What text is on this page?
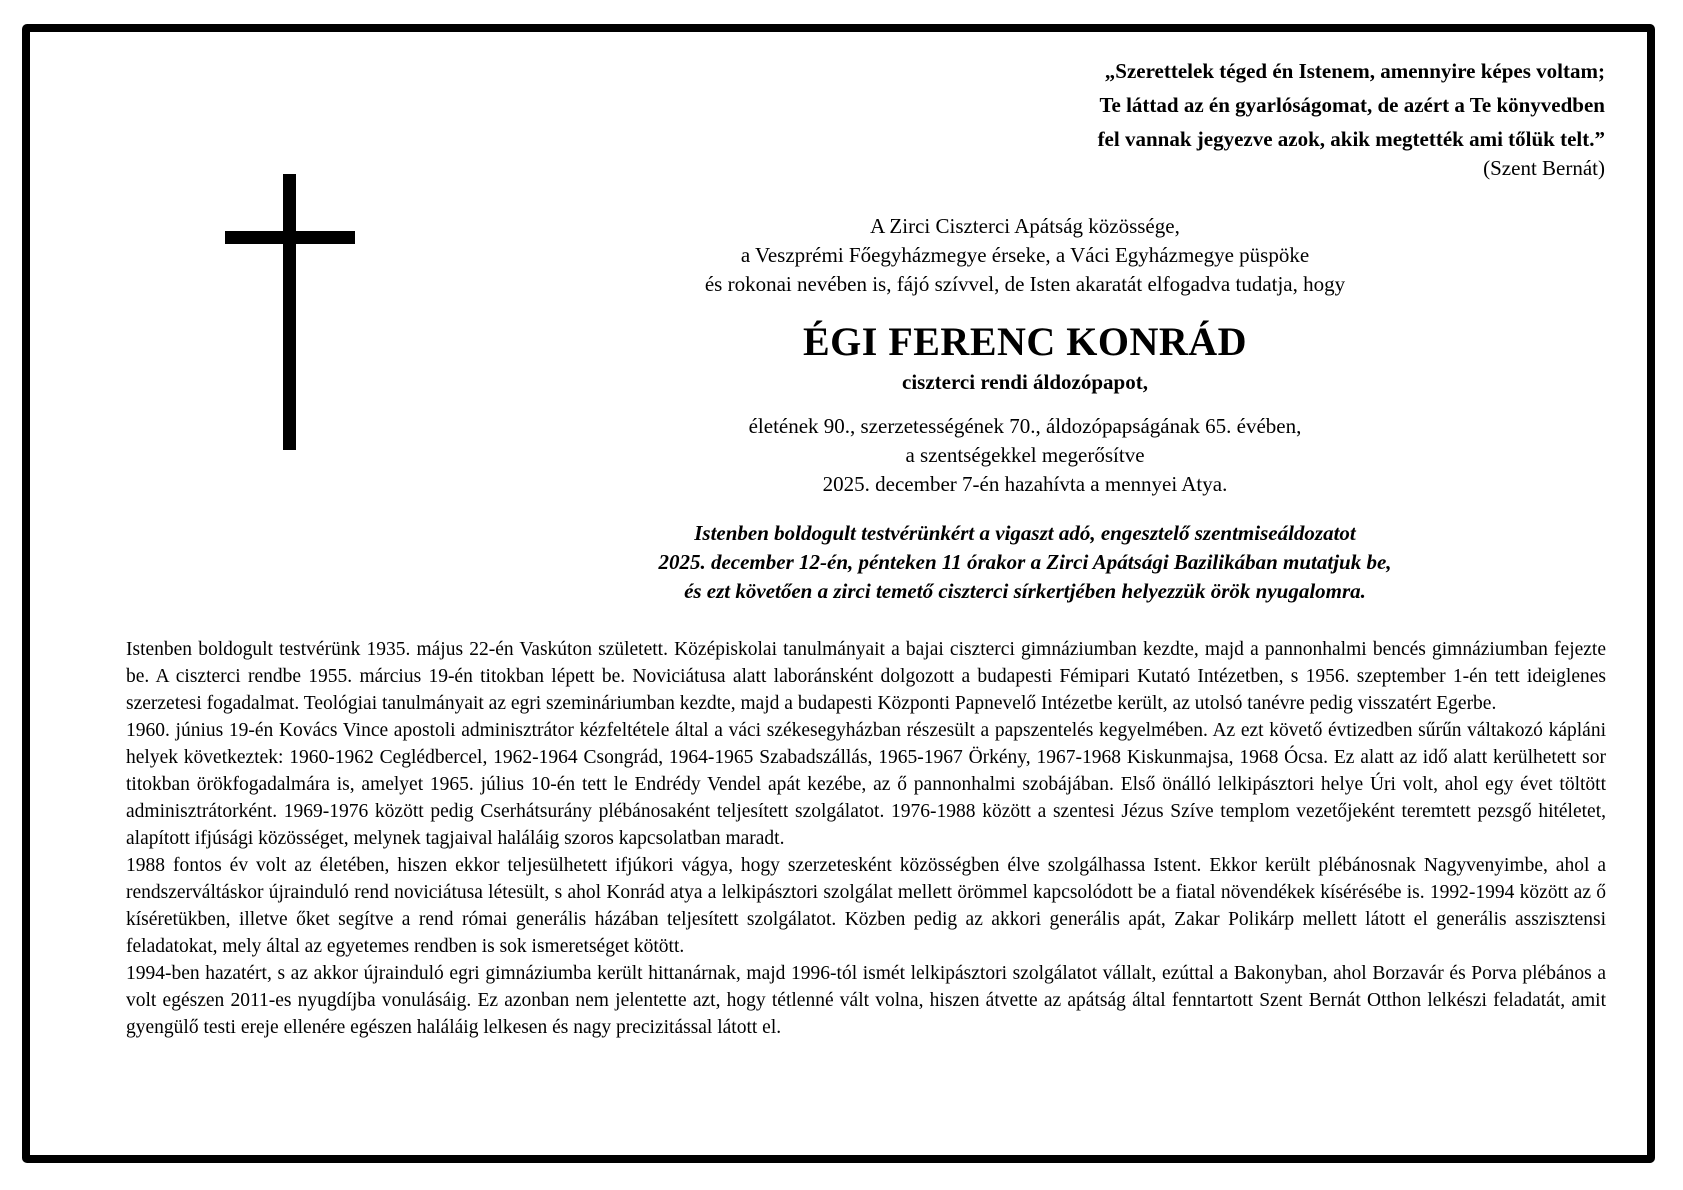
„Szerettelek téged én Istenem, amennyire képes voltam;
Te láttad az én gyarlóságomat, de azért a Te könyvedben
fel vannak jegyezve azok, akik megtették ami tőlük telt.”
(Szent Bernát)
A Zirci Ciszterci Apátság közössége,
a Veszprémi Főegyházmegye érseke, a Váci Egyházmegye püspöke
és rokonai nevében is, fájó szívvel, de Isten akaratát elfogadva tudatja, hogy
ÉGI FERENC KONRÁD
ciszterci rendi áldozópapot,
életének 90., szerzetességének 70., áldozópapságának 65. évében,
a szentségekkel megerősítve
2025. december 7-én hazahívta a mennyei Atya.
Istenben boldogult testvérünkért a vigaszt adó, engesztelő szentmiseáldozatot
2025. december 12-én, pénteken 11 órakor a Zirci Apátsági Bazilikában mutatjuk be,
és ezt követően a zirci temető ciszterci sírkertjében helyezzük örök nyugalomra.

Istenben boldogult testvérünk 1935. május 22-én Vaskúton született. Középiskolai tanulmányait a bajai ciszterci gimnáziumban kezdte, majd a pannonhalmi bencés gimnáziumban fejezte be. A ciszterci rendbe 1955. március 19-én titokban lépett be. Noviciátusa alatt laboránsként dolgozott a budapesti Fémipari Kutató Intézetben, s 1956. szeptember 1-én tett ideiglenes szerzetesi fogadalmat. Teológiai tanulmányait az egri szemináriumban kezdte, majd a budapesti Központi Papnevelő Intézetbe került, az utolsó tanévre pedig visszatért Egerbe.

1960. június 19-én Kovács Vince apostoli adminisztrátor kézfeltétele által a váci székesegyházban részesült a papszentelés kegyelmében. Az ezt követő évtizedben sűrűn váltakozó káplánі helyek következtek: 1960-1962 Ceglédbercel, 1962-1964 Csongrád, 1964-1965 Szabadszállás, 1965-1967 Örkény, 1967-1968 Kiskunmajsa, 1968 Ócsa. Ez alatt az idő alatt kerülhetett sor titokban örökfogadalmára is, amelyet 1965. július 10-én tett le Endrédy Vendel apát kezébe, az ő pannonhalmi szobájában. Első önálló lelkipásztori helye Úri volt, ahol egy évet töltött adminisztrátorként. 1969-1976 között pedig Cserhátsurány plébánosaként teljesített szolgálatot. 1976-1988 között a szentesi Jézus Szíve templom vezetőjeként teremtett pezsgő hitéletet, alapított ifjúsági közösséget, melynek tagjaival haláláig szoros kapcsolatban maradt.

1988 fontos év volt az életében, hiszen ekkor teljesülhetett ifjúkori vágya, hogy szerzetesként közösségben élve szolgálhassa Istent. Ekkor került plébánosnak Nagyvenyimbe, ahol a rendszerváltáskor újrainduló rend noviciátusa létesült, s ahol Konrád atya a lelkipásztori szolgálat mellett örömmel kapcsolódott be a fiatal növendékek kísérésébe is. 1992-1994 között az ő kíséretükben, illetve őket segítve a rend római generális házában teljesített szolgálatot. Közben pedig az akkori generális apát, Zakar Polikárp mellett látott el generális asszisztensi feladatokat, mely által az egyetemes rendben is sok ismeretséget kötött.

1994-ben hazatért, s az akkor újrainduló egri gimnáziumba került hittanárnak, majd 1996-tól ismét lelkipásztori szolgálatot vállalt, ezúttal a Bakonyban, ahol Borzavár és Porva plébános a volt egészen 2011-es nyugdíjba vonulásáig. Ez azonban nem jelentette azt, hogy tétlenné vált volna, hiszen átvette az apátság által fenntartott Szent Bernát Otthon lelkészi feladatát, amit gyengülő testi ereje ellenére egészen haláláig lelkesen és nagy precizitással látott el.
